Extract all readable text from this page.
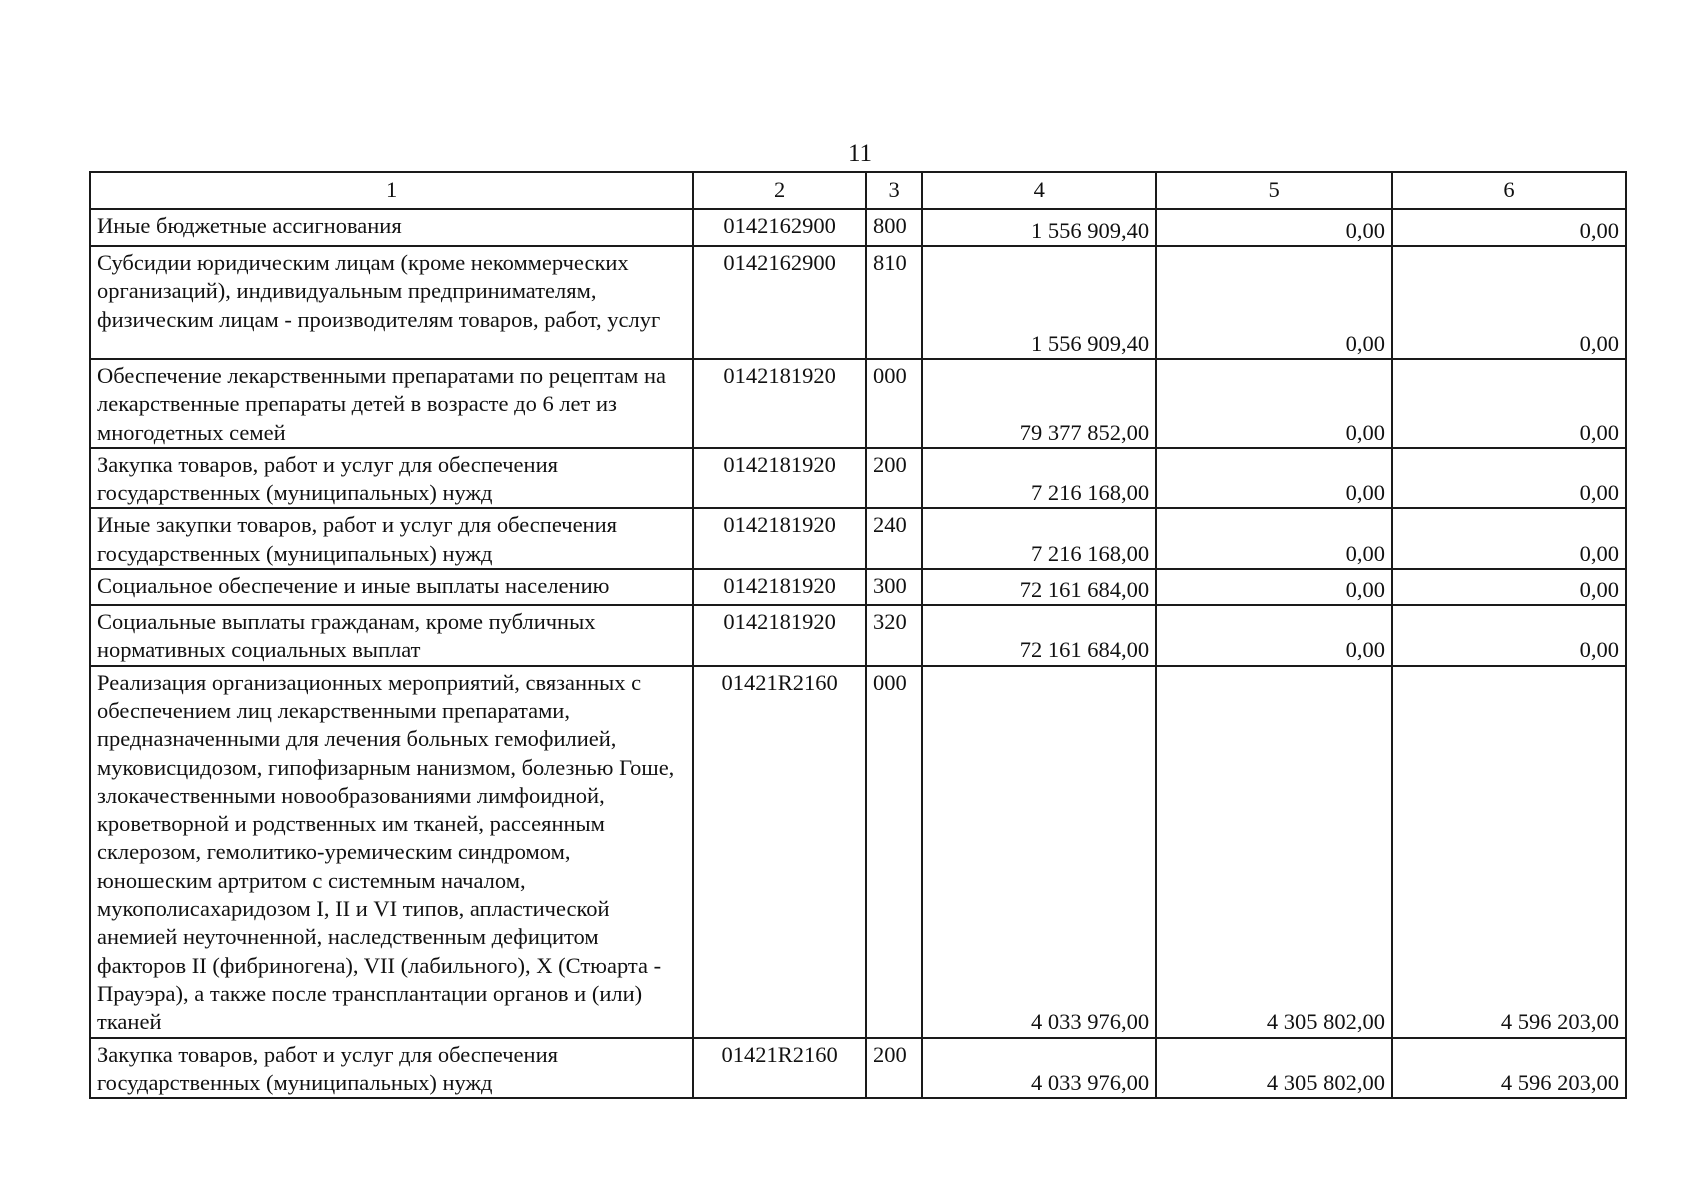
11
1	2	3	4	5	6
Иные бюджетные ассигнования	0142162900	800	1 556 909,40	0,00	0,00
Субсидии юридическим лицам (кроме некоммерческих организаций), индивидуальным предпринимателям, физическим лицам - производителям товаров, работ, услуг	0142162900	810	1 556 909,40	0,00	0,00
Обеспечение лекарственными препаратами по рецептам на лекарственные препараты детей в возрасте до 6 лет из многодетных семей	0142181920	000	79 377 852,00	0,00	0,00
Закупка товаров, работ и услуг для обеспечения государственных (муниципальных) нужд	0142181920	200	7 216 168,00	0,00	0,00
Иные закупки товаров, работ и услуг для обеспечения государственных (муниципальных) нужд	0142181920	240	7 216 168,00	0,00	0,00
Социальное обеспечение и иные выплаты населению	0142181920	300	72 161 684,00	0,00	0,00
Социальные выплаты гражданам, кроме публичных нормативных социальных выплат	0142181920	320	72 161 684,00	0,00	0,00
Реализация организационных мероприятий, связанных с обеспечением лиц лекарственными препаратами, предназначенными для лечения больных гемофилией, муковисцидозом, гипофизарным нанизмом, болезнью Гоше, злокачественными новообразованиями лимфоидной, кроветворной и родственных им тканей, рассеянным склерозом, гемолитико-уремическим синдромом, юношеским артритом с системным началом, мукополисахаридозом I, II и VI типов, апластической анемией неуточненной, наследственным дефицитом факторов II (фибриногена), VII (лабильного), X (Стюарта - Прауэра), а также после трансплантации органов и (или) тканей	01421R2160	000	4 033 976,00	4 305 802,00	4 596 203,00
Закупка товаров, работ и услуг для обеспечения государственных (муниципальных) нужд	01421R2160	200	4 033 976,00	4 305 802,00	4 596 203,00
